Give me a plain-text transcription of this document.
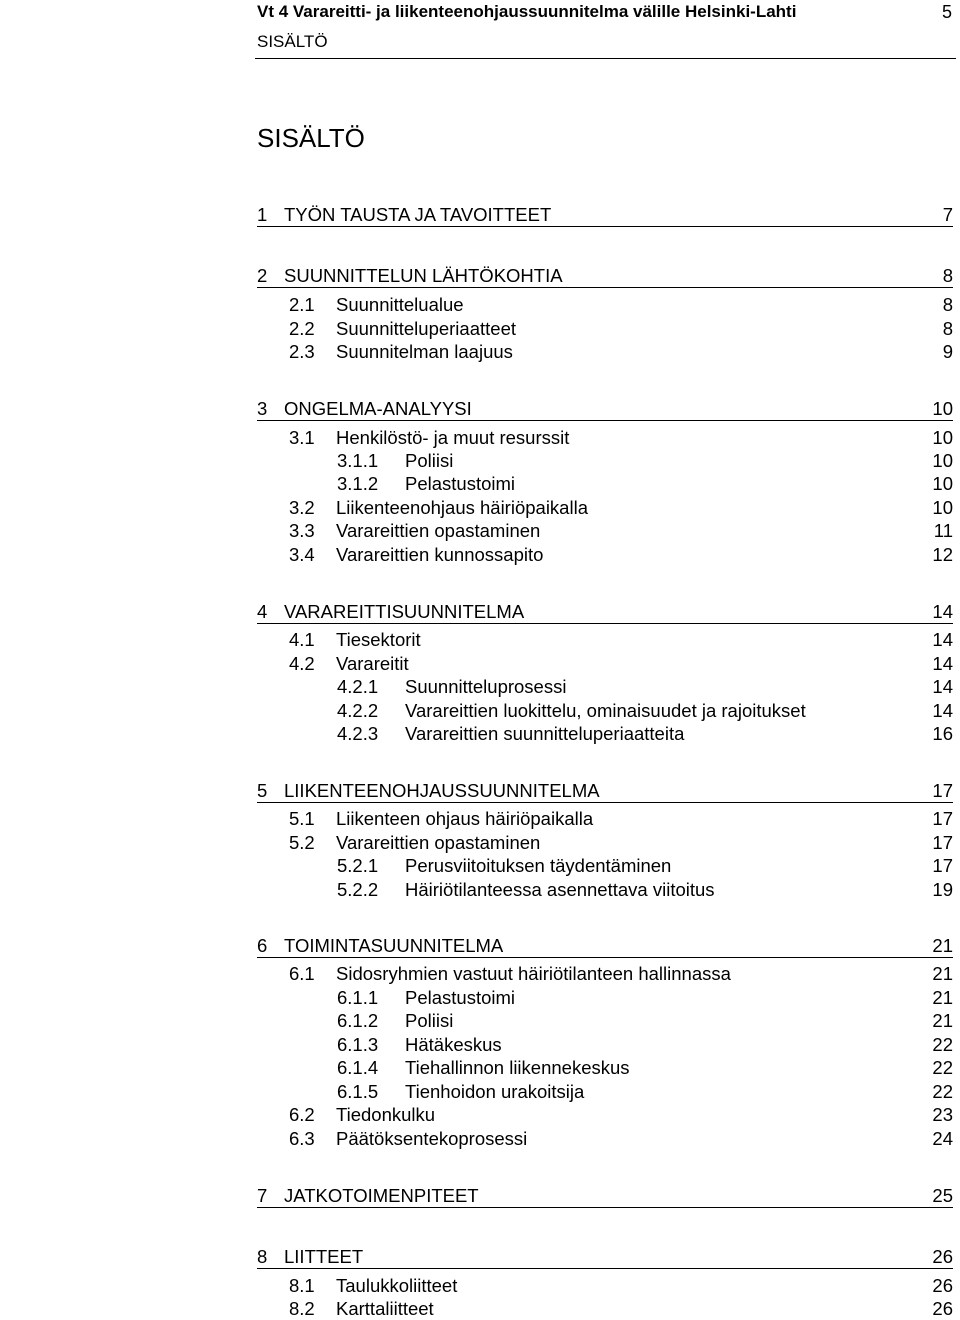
Vt 4 Varareitti- ja liikenteenohjaussuunnitelma välille Helsinki-Lahti	5
SISÄLTÖ
SISÄLTÖ
1 TYÖN TAUSTA JA TAVOITTEET	7
2 SUUNNITTELUN LÄHTÖKOHTIA	8
2.1 Suunnittelualue	8
2.2 Suunnitteluperiaatteet	8
2.3 Suunnitelman laajuus	9
3 ONGELMA-ANALYYSI	10
3.1 Henkilöstö- ja muut resurssit	10
3.1.1 Poliisi	10
3.1.2 Pelastustoimi	10
3.2 Liikenteenohjaus häiriöpaikalla	10
3.3 Varareittien opastaminen	11
3.4 Varareittien kunnossapito	12
4 VARAREITTISUUNNITELMA	14
4.1 Tiesektorit	14
4.2 Varareitit	14
4.2.1 Suunnitteluprosessi	14
4.2.2 Varareittien luokittelu, ominaisuudet ja rajoitukset	14
4.2.3 Varareittien suunnitteluperiaatteita	16
5 LIIKENTEENOHJAUSSUUNNITELMA	17
5.1 Liikenteen ohjaus häiriöpaikalla	17
5.2 Varareittien opastaminen	17
5.2.1 Perusviitoituksen täydentäminen	17
5.2.2 Häiriötilanteessa asennettava viitoitus	19
6 TOIMINTASUUNNITELMA	21
6.1 Sidosryhmien vastuut häiriötilanteen hallinnassa	21
6.1.1 Pelastustoimi	21
6.1.2 Poliisi	21
6.1.3 Hätäkeskus	22
6.1.4 Tiehallinnon liikennekeskus	22
6.1.5 Tienhoidon urakoitsija	22
6.2 Tiedonkulku	23
6.3 Päätöksentekoprosessi	24
7 JATKOTOIMENPITEET	25
8 LIITTEET	26
8.1 Taulukkoliitteet	26
8.2 Karttaliitteet	26
